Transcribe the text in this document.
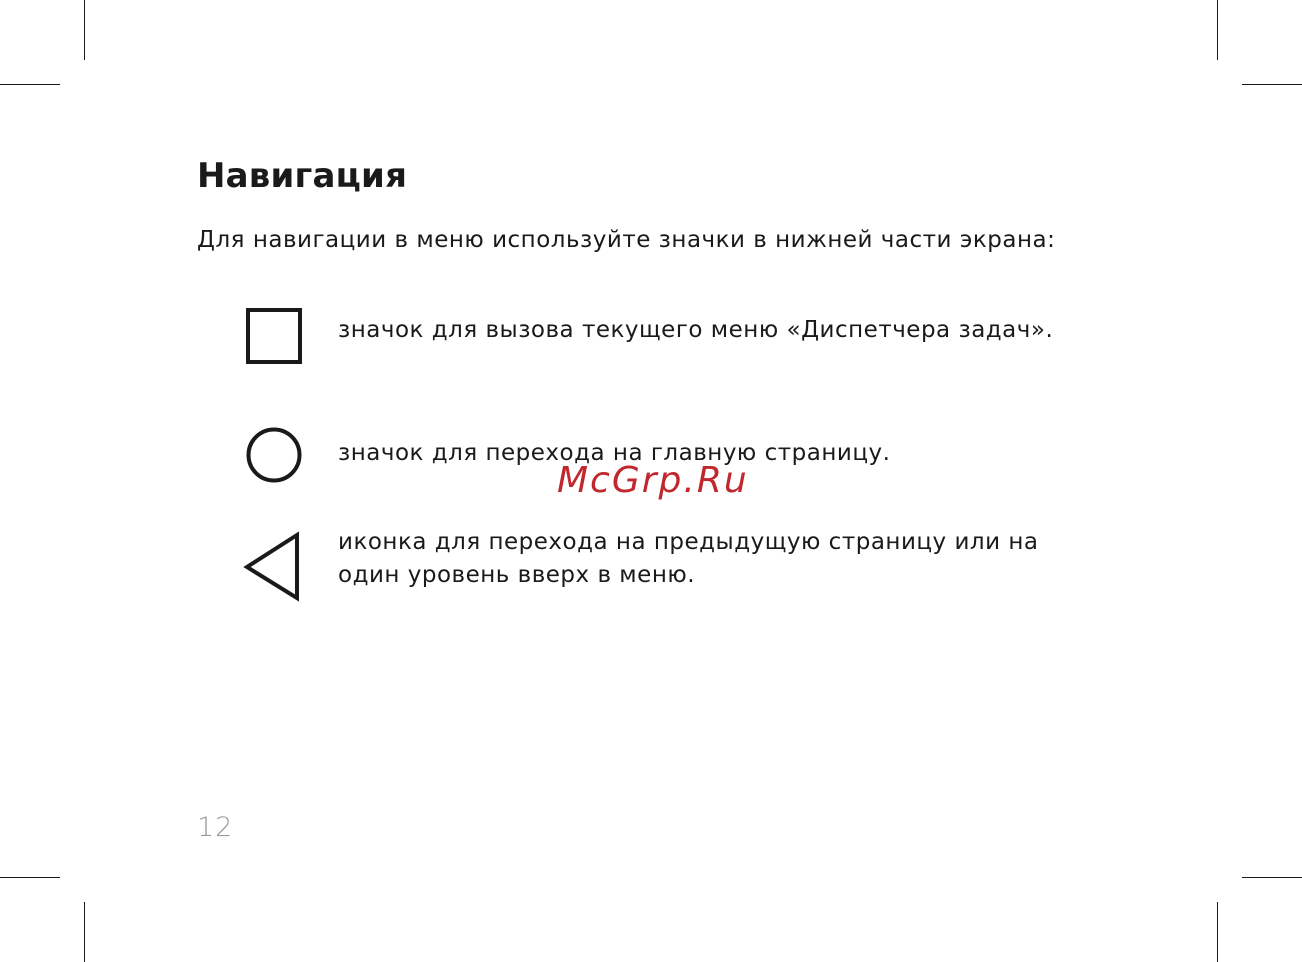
Навигация
Для навигации в меню используйте значки в нижней части экрана:
значок для вызова текущего меню «Диспетчера задач».
значок для перехода на главную страницу.
McGrp.Ru
иконка для перехода на предыдущую страницу или на
один уровень вверх в меню.
12
